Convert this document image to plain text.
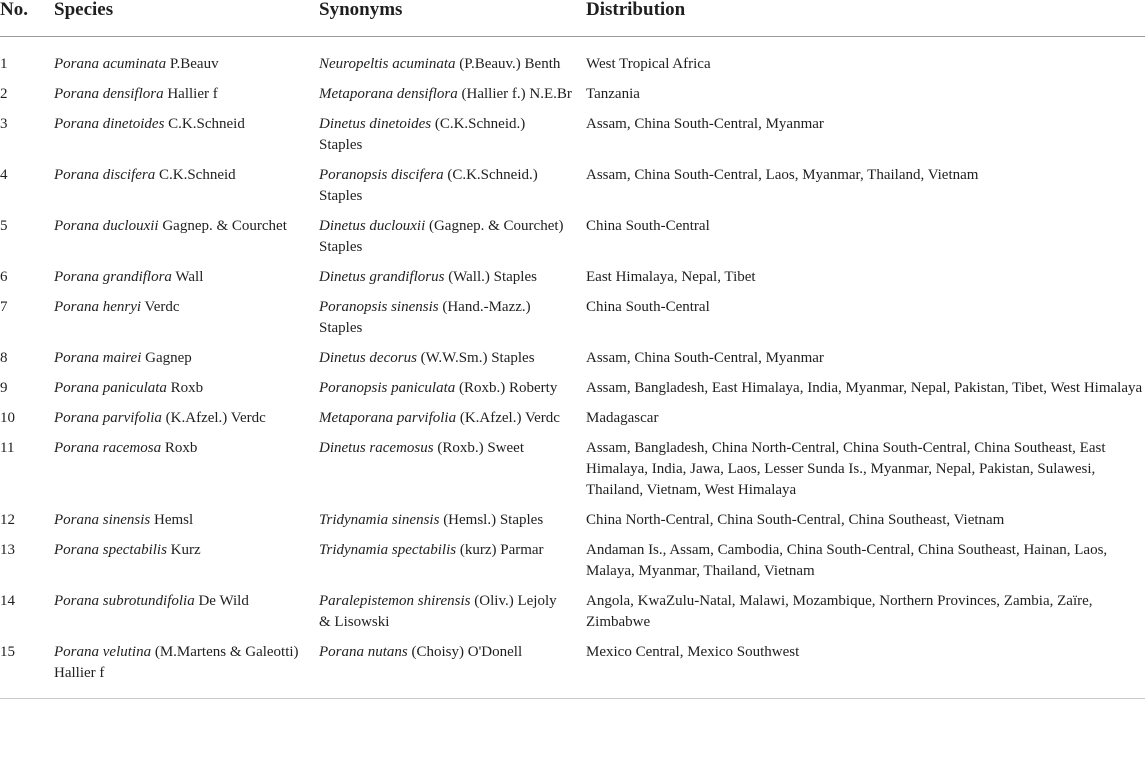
No.	Species	Synonyms	Distribution
1	Porana acuminata P.Beauv	Neuropeltis acuminata (P.Beauv.) Benth	West Tropical Africa
2	Porana densiflora Hallier f	Metaporana densiflora (Hallier f.) N.E.Br	Tanzania
3	Porana dinetoides C.K.Schneid	Dinetus dinetoides (C.K.Schneid.) Staples	Assam, China South-Central, Myanmar
4	Porana discifera C.K.Schneid	Poranopsis discifera (C.K.Schneid.) Staples	Assam, China South-Central, Laos, Myanmar, Thailand, Vietnam
5	Porana duclouxii Gagnep. & Courchet	Dinetus duclouxii (Gagnep. & Courchet) Staples	China South-Central
6	Porana grandiflora Wall	Dinetus grandiflorus (Wall.) Staples	East Himalaya, Nepal, Tibet
7	Porana henryi Verdc	Poranopsis sinensis (Hand.-Mazz.) Staples	China South-Central
8	Porana mairei Gagnep	Dinetus decorus (W.W.Sm.) Staples	Assam, China South-Central, Myanmar
9	Porana paniculata Roxb	Poranopsis paniculata (Roxb.) Roberty	Assam, Bangladesh, East Himalaya, India, Myanmar, Nepal, Pakistan, Tibet, West Himalaya
10	Porana parvifolia (K.Afzel.) Verdc	Metaporana parvifolia (K.Afzel.) Verdc	Madagascar
11	Porana racemosa Roxb	Dinetus racemosus (Roxb.) Sweet	Assam, Bangladesh, China North-Central, China South-Central, China Southeast, East Himalaya, India, Jawa, Laos, Lesser Sunda Is., Myanmar, Nepal, Pakistan, Sulawesi, Thailand, Vietnam, West Himalaya
12	Porana sinensis Hemsl	Tridynamia sinensis (Hemsl.) Staples	China North-Central, China South-Central, China Southeast, Vietnam
13	Porana spectabilis Kurz	Tridynamia spectabilis (kurz) Parmar	Andaman Is., Assam, Cambodia, China South-Central, China Southeast, Hainan, Laos, Malaya, Myanmar, Thailand, Vietnam
14	Porana subrotundifolia De Wild	Paralepistemon shirensis (Oliv.) Lejoly & Lisowski	Angola, KwaZulu-Natal, Malawi, Mozambique, Northern Provinces, Zambia, Zaïre, Zimbabwe
15	Porana velutina (M.Martens & Galeotti) Hallier f	Porana nutans (Choisy) O'Donell	Mexico Central, Mexico Southwest
